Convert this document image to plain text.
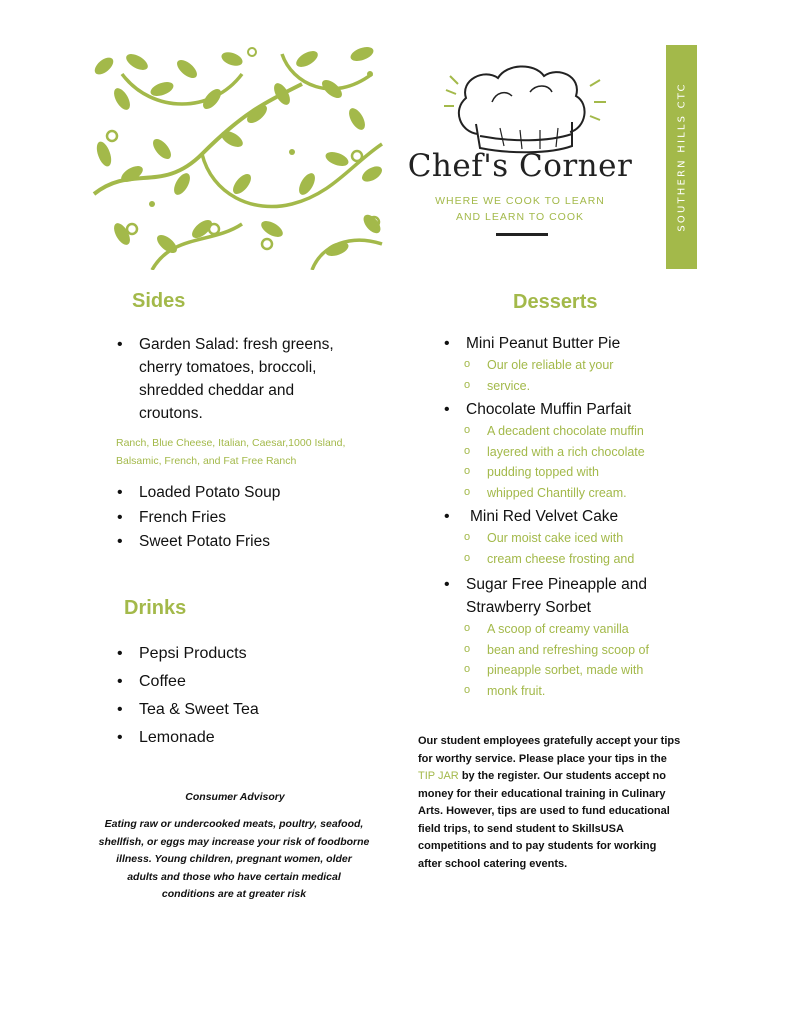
Chef's Corner
WHERE WE COOK TO LEARN
AND LEARN TO COOK	SOUTHERN HILLS CTC
Sides
• Garden Salad: fresh greens,
cherry tomatoes, broccoli,
shredded cheddar and
croutons.
Ranch, Blue Cheese, Italian, Caesar,1000 Island,
Balsamic, French, and Fat Free Ranch
• Loaded Potato Soup
• French Fries
• Sweet Potato Fries
Drinks
• Pepsi Products
• Coffee
• Tea & Sweet Tea
• Lemonade
Desserts
• Mini Peanut Butter Pie
o Our ole reliable at your
o service.
• Chocolate Muffin Parfait
o A decadent chocolate muffin
o layered with a rich chocolate
o pudding topped with
o whipped Chantilly cream.
• Mini Red Velvet Cake
o Our moist cake iced with
o cream cheese frosting and
• Sugar Free Pineapple and
Strawberry Sorbet
o A scoop of creamy vanilla
o bean and refreshing scoop of
o pineapple sorbet, made with
o monk fruit.
Consumer Advisory
Eating raw or undercooked meats, poultry, seafood,
shellfish, or eggs may increase your risk of foodborne
illness. Young children, pregnant women, older
adults and those who have certain medical
conditions are at greater risk
Our student employees gratefully accept your tips
for worthy service. Please place your tips in the
TIP JAR by the register. Our students accept no
money for their educational training in Culinary
Arts. However, tips are used to fund educational
field trips, to send student to SkillsUSA
competitions and to pay students for working
after school catering events.
